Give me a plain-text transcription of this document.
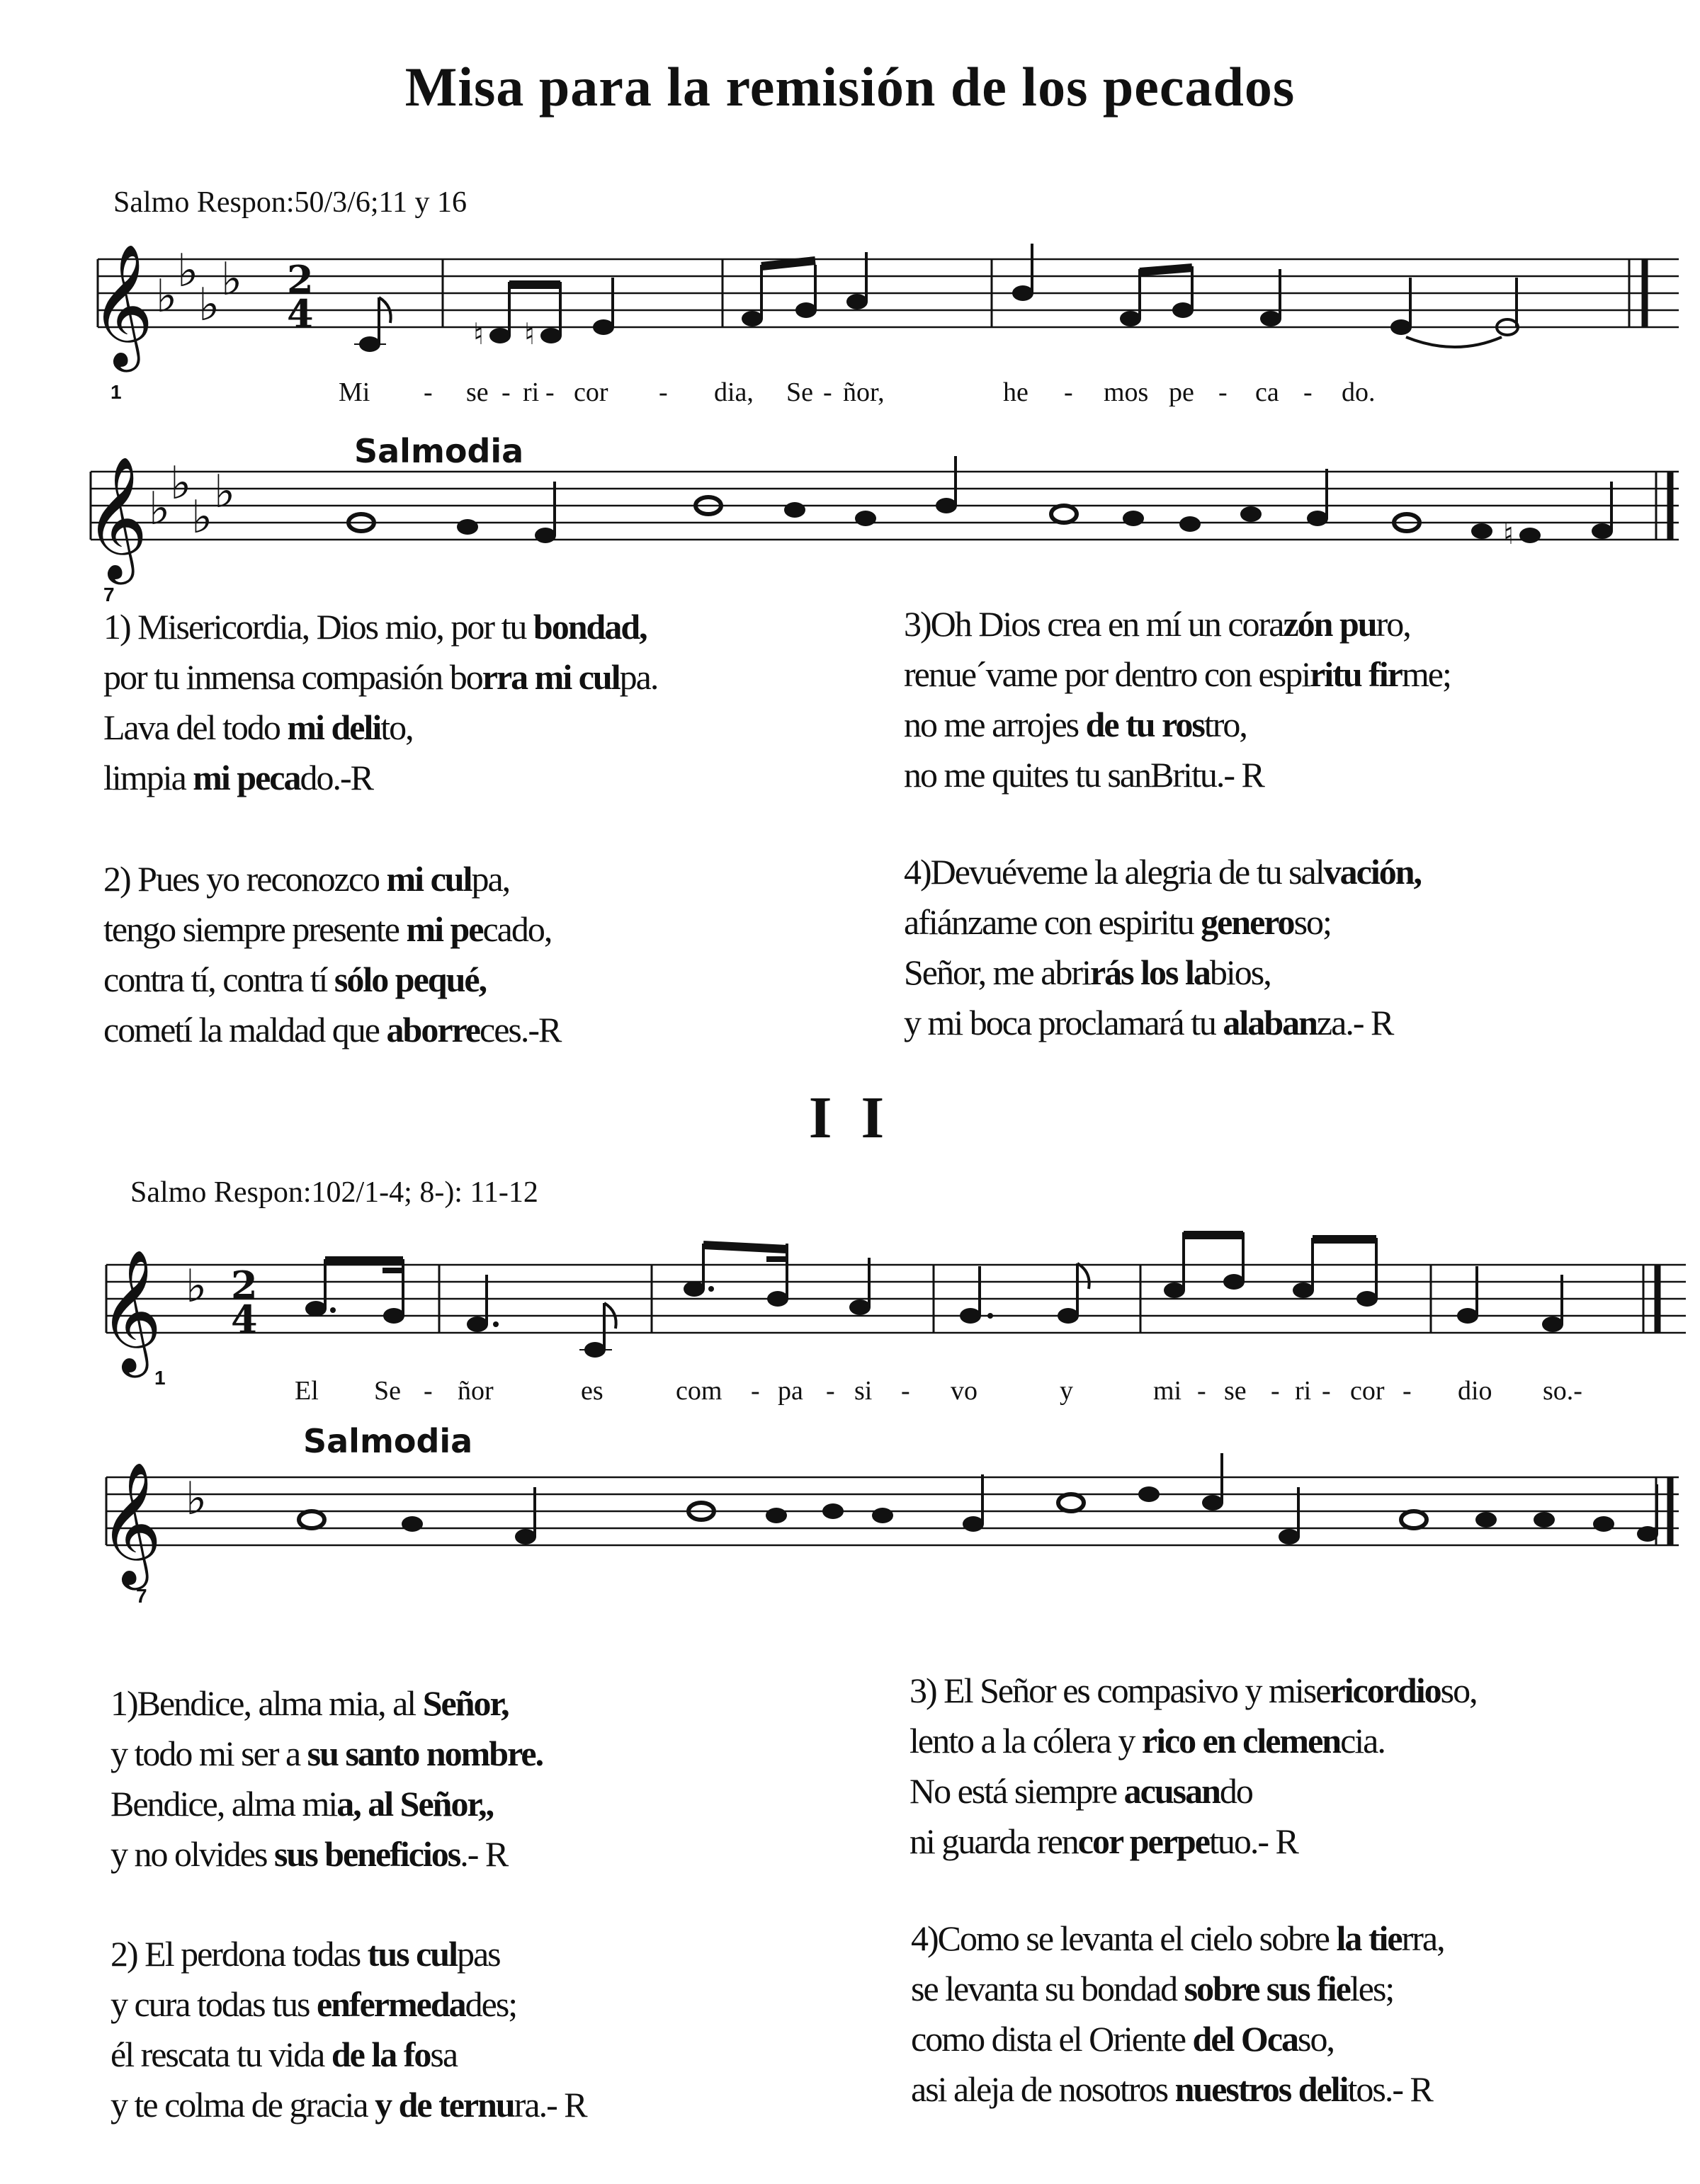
Misa para la remisión de los pecados
Salmo Respon:50/3/6;11 y 16
𝄞 ♭ ♭
♭ ♭ 2
4	♮ ♮
1	Mi - se - ri - cor - dia, Se - ñor,	he - mos pe - ca - do.
Salmodia
𝄞 ♭ ♭
♭ ♭
♮
7

1) Misericordia, Dios mio, por tu bondad,

por tu inmensa compasión borra mi culpa.

Lava del todo mi delito,

limpia mi pecado.-R

2) Pues yo reconozco mi culpa,

tengo siempre presente mi pecado,

contra tí, contra tí sólo pequé,

cometí la maldad que aborreces.-R

3)Oh Dios crea en mí un corazón puro,

renue´vame por dentro con espiritu firme;

no me arrojes de tu rostro,

no me quites tu sanBritu.- R

4)Devuéveme la alegria de tu salvación,

afiánzame con espiritu generoso;

Señor, me abrirás los labios,

y mi boca proclamará tu alabanza.- R

I I
Salmo Respon:102/1-4; 8-): 11-12
𝄞 ♭ 2
4
1	El Se - ñor	es	com - pa - si - vo	y	mi - se - ri - cor - dio so.-
Salmodia
𝄞 ♭
7

1)Bendice, alma mia, al Señor,

y todo mi ser a su santo nombre.

Bendice, alma mia, al Señor,,

y no olvides sus beneficios.- R

2) El perdona todas tus culpas

y cura todas tus enfermedades;

él rescata tu vida de la fosa

y te colma de gracia y de ternura.- R

3) El Señor es compasivo y misericordioso,

lento a la cólera y rico en clemencia.

No está siempre acusando

ni guarda rencor perpetuo.- R

4)Como se levanta el cielo sobre la tierra,

se levanta su bondad sobre sus fieles;

como dista el Oriente del Ocaso,

asi aleja de nosotros nuestros delitos.- R
